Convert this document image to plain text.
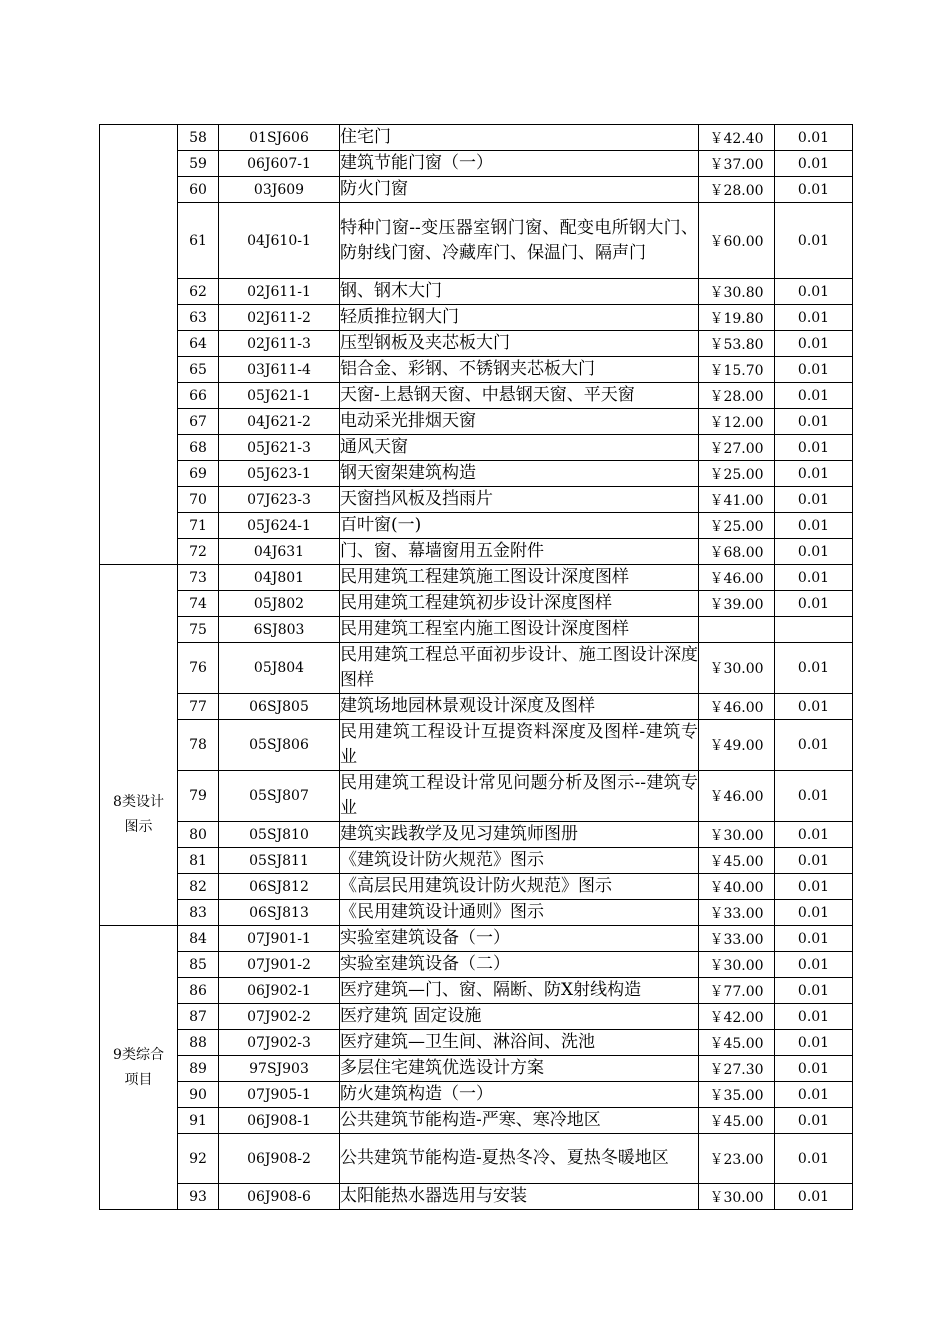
	58	01SJ606	住宅门	￥42.40	0.01
	59	06J607-1	建筑节能门窗（一）	￥37.00	0.01
	60	03J609	防火门窗	￥28.00	0.01
	61	04J610-1	特种门窗--变压器室钢门窗、配变电所钢大门、防射线门窗、冷藏库门、保温门、隔声门	￥60.00	0.01
	62	02J611-1	钢、钢木大门	￥30.80	0.01
	63	02J611-2	轻质推拉钢大门	￥19.80	0.01
	64	02J611-3	压型钢板及夹芯板大门	￥53.80	0.01
	65	03J611-4	铝合金、彩钢、不锈钢夹芯板大门	￥15.70	0.01
	66	05J621-1	天窗-上悬钢天窗、中悬钢天窗、平天窗	￥28.00	0.01
	67	04J621-2	电动采光排烟天窗	￥12.00	0.01
	68	05J621-3	通风天窗	￥27.00	0.01
	69	05J623-1	钢天窗架建筑构造	￥25.00	0.01
	70	07J623-3	天窗挡风板及挡雨片	￥41.00	0.01
	71	05J624-1	百叶窗(一)	￥25.00	0.01
	72	04J631	门、窗、幕墙窗用五金附件	￥68.00	0.01

8类设计图示	73	04J801	民用建筑工程建筑施工图设计深度图样	￥46.00	0.01
	74	05J802	民用建筑工程建筑初步设计深度图样	￥39.00	0.01
	75	6SJ803	民用建筑工程室内施工图设计深度图样		
	76	05J804	民用建筑工程总平面初步设计、施工图设计深度图样	￥30.00	0.01
	77	06SJ805	建筑场地园林景观设计深度及图样	￥46.00	0.01
	78	05SJ806	民用建筑工程设计互提资料深度及图样-建筑专业	￥49.00	0.01
	79	05SJ807	民用建筑工程设计常见问题分析及图示--建筑专业	￥46.00	0.01
	80	05SJ810	建筑实践教学及见习建筑师图册	￥30.00	0.01
	81	05SJ811	《建筑设计防火规范》图示	￥45.00	0.01
	82	06SJ812	《高层民用建筑设计防火规范》图示	￥40.00	0.01
	83	06SJ813	《民用建筑设计通则》图示	￥33.00	0.01

9类综合项目	84	07J901-1	实验室建筑设备（一）	￥33.00	0.01
	85	07J901-2	实验室建筑设备（二）	￥30.00	0.01
	86	06J902-1	医疗建筑—门、窗、隔断、防X射线构造	￥77.00	0.01
	87	07J902-2	医疗建筑 固定设施	￥42.00	0.01
	88	07J902-3	医疗建筑—卫生间、淋浴间、洗池	￥45.00	0.01
	89	97SJ903	多层住宅建筑优选设计方案	￥27.30	0.01
	90	07J905-1	防火建筑构造（一）	￥35.00	0.01
	91	06J908-1	公共建筑节能构造-严寒、寒冷地区	￥45.00	0.01
	92	06J908-2	公共建筑节能构造-夏热冬冷、夏热冬暖地区	￥23.00	0.01
	93	06J908-6	太阳能热水器选用与安装	￥30.00	0.01
